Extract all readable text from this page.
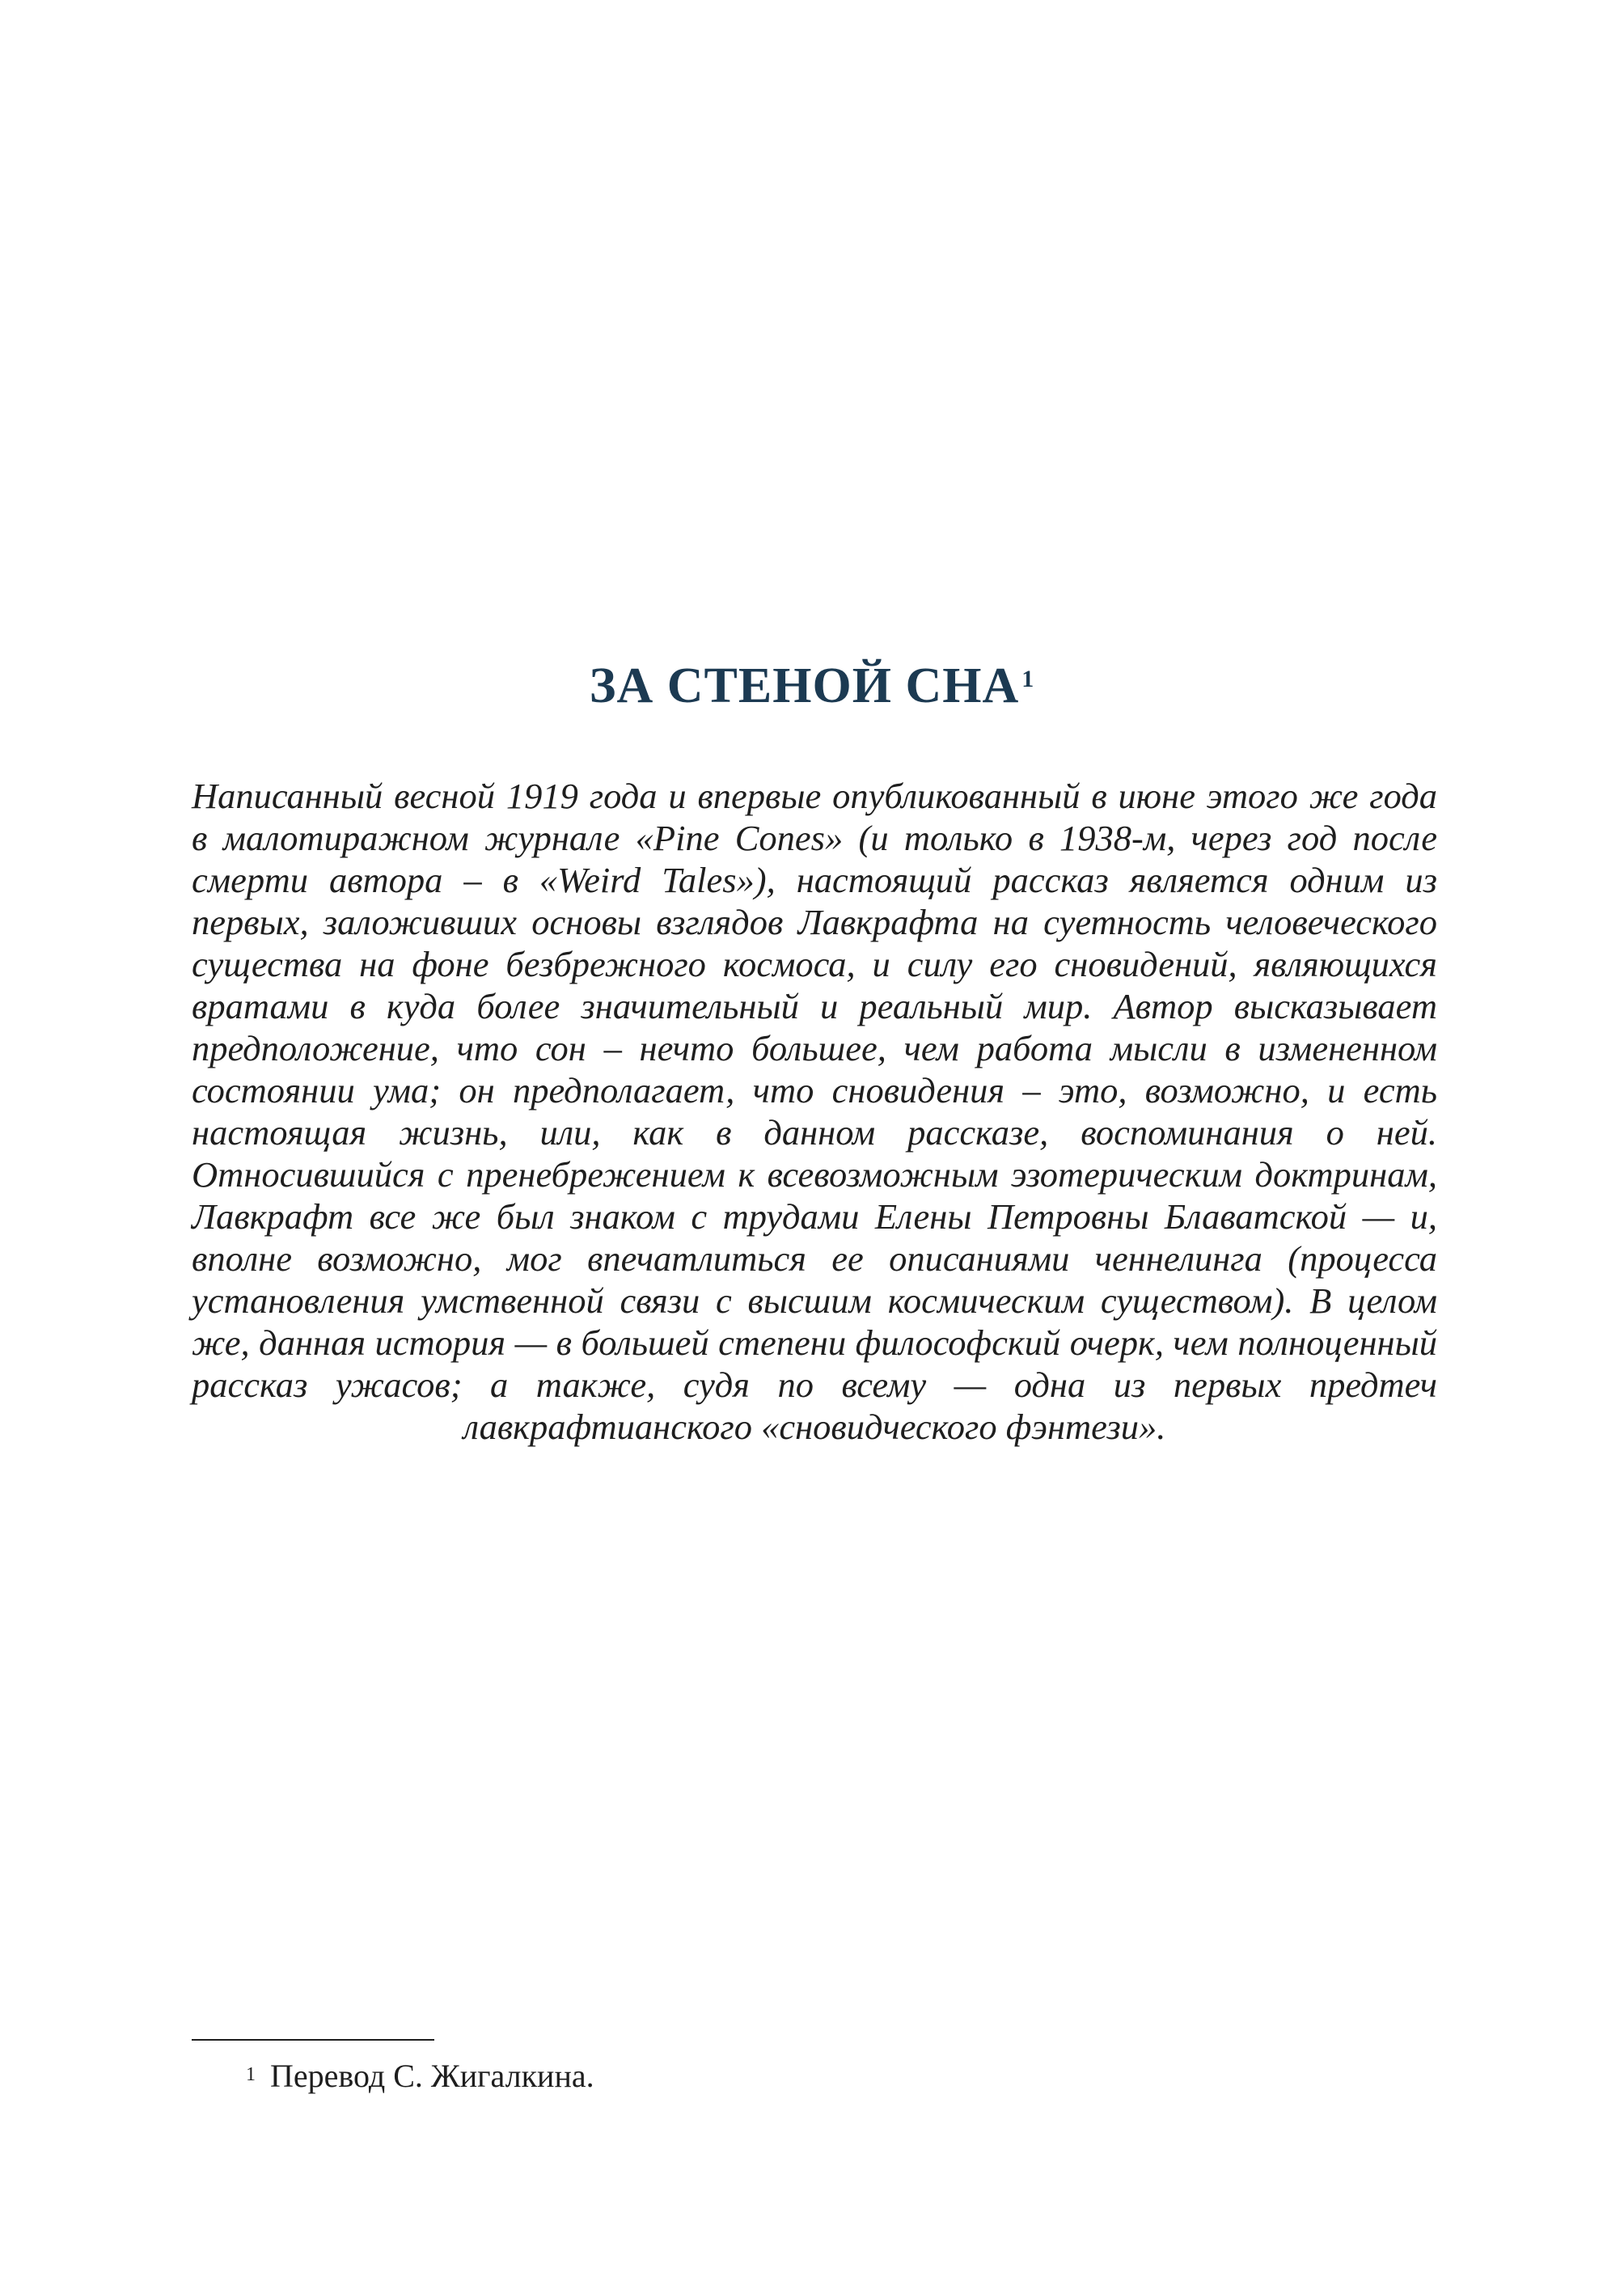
ЗА СТЕНОЙ СНА $^1$

Написанный весной 1919 года и впервые опубликованный в июне этого же года в малотиражном журнале «Pine Cones» (и только в 1938-м, через год после смерти автора – в «Weird Tales»), настоящий рассказ является одним из первых, заложивших основы взглядов Лавкрафта на суетность человеческого существа на фоне безбрежного космоса, и силу его сновидений, являющихся вратами в куда более значительный и реальный мир. Автор высказывает предположение, что сон – нечто большее, чем работа мысли в измененном состоянии ума; он предполагает, что сновидения – это, возможно, и есть настоящая жизнь, или, как в данном рассказе, воспоминания о ней. Относившийся с пренебрежением к всевозможным эзотерическим доктринам, Лавкрафт все же был знаком с трудами Елены Петровны Блаватской — и, вполне возможно, мог впечатлиться ее описаниями ченнелинга (процесса установления умственной связи с высшим космическим существом). В целом же, данная история — в большей степени философский очерк, чем полноценный рассказ ужасов; а также, судя по всему — одна из первых предтеч лавкрафтианского «сновидческого фэнтези».

$^1$ Перевод С. Жигалкина.
